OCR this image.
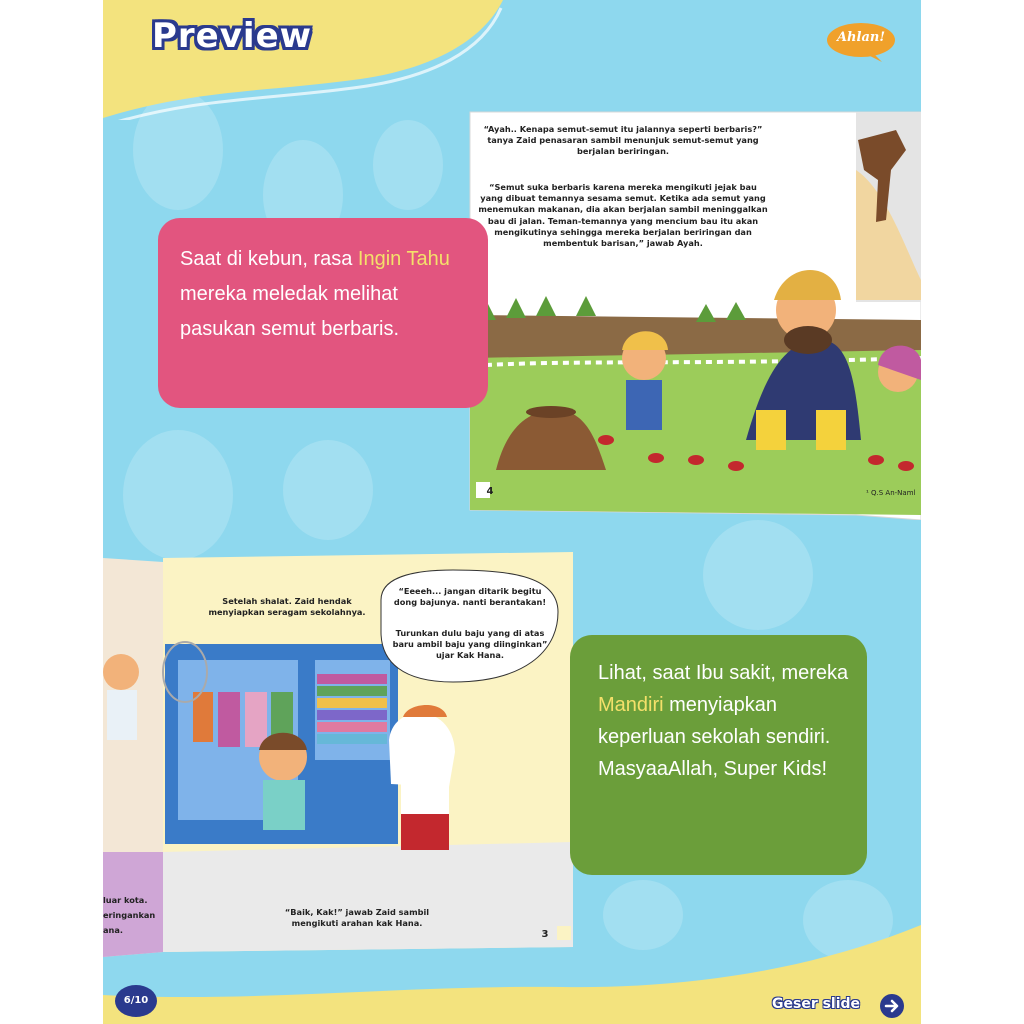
Preview	Ahlan!
“Ayah.. Kenapa semut-semut itu jalannya seperti berbaris?” tanya Zaid penasaran sambil menunjuk semut-semut yang berjalan beriringan.
“Semut suka berbaris karena mereka mengikuti jejak bau yang dibuat temannya sesama semut. Ketika ada semut yang menemukan makanan, dia akan berjalan sambil meninggalkan bau di jalan. Teman-temannya yang mencium bau itu akan mengikutinya sehingga mereka berjalan beriringan dan membentuk barisan,” jawab Ayah.
4	¹ Q.S An-Naml
Setelah shalat. Zaid hendak menyiapkan seragam sekolahnya.
“Eeeeh... jangan ditarik begitu dong bajunya. nanti berantakan!
Turunkan dulu baju yang di atas baru ambil baju yang diinginkan” ujar Kak Hana.
“Baik, Kak!” jawab Zaid sambil mengikuti arahan kak Hana.
3
luar kota.
eringankan
ana.
Saat di kebun, rasa Ingin Tahu mereka meledak melihat pasukan semut berbaris.
Lihat, saat Ibu sakit, mereka Mandiri menyiapkan keperluan sekolah sendiri. MasyaaAllah, Super Kids!
6/10	Geser slide
